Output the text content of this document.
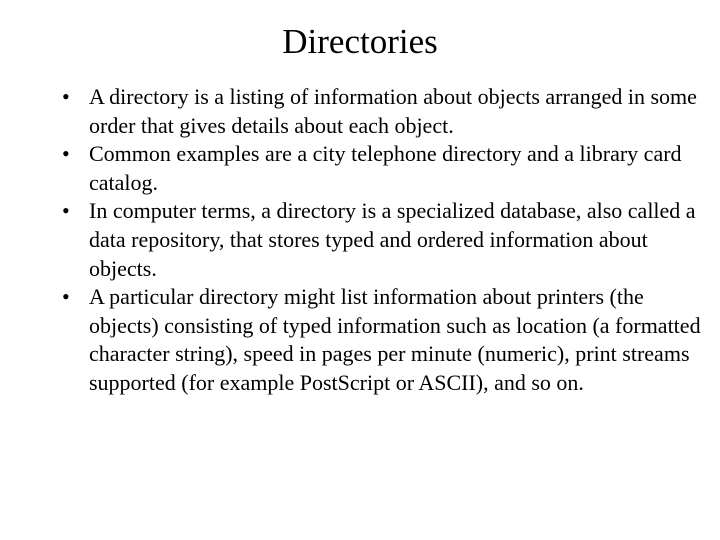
Directories
• A directory is a listing of information about objects arranged in some order that gives details about each object.
• Common examples are a city telephone directory and a library card catalog.
• In computer terms, a directory is a specialized database, also called a data repository, that stores typed and ordered information about objects.
• A particular directory might list information about printers (the objects) consisting of typed information such as location (a formatted character string), speed in pages per minute (numeric), print streams supported (for example PostScript or ASCII), and so on.
